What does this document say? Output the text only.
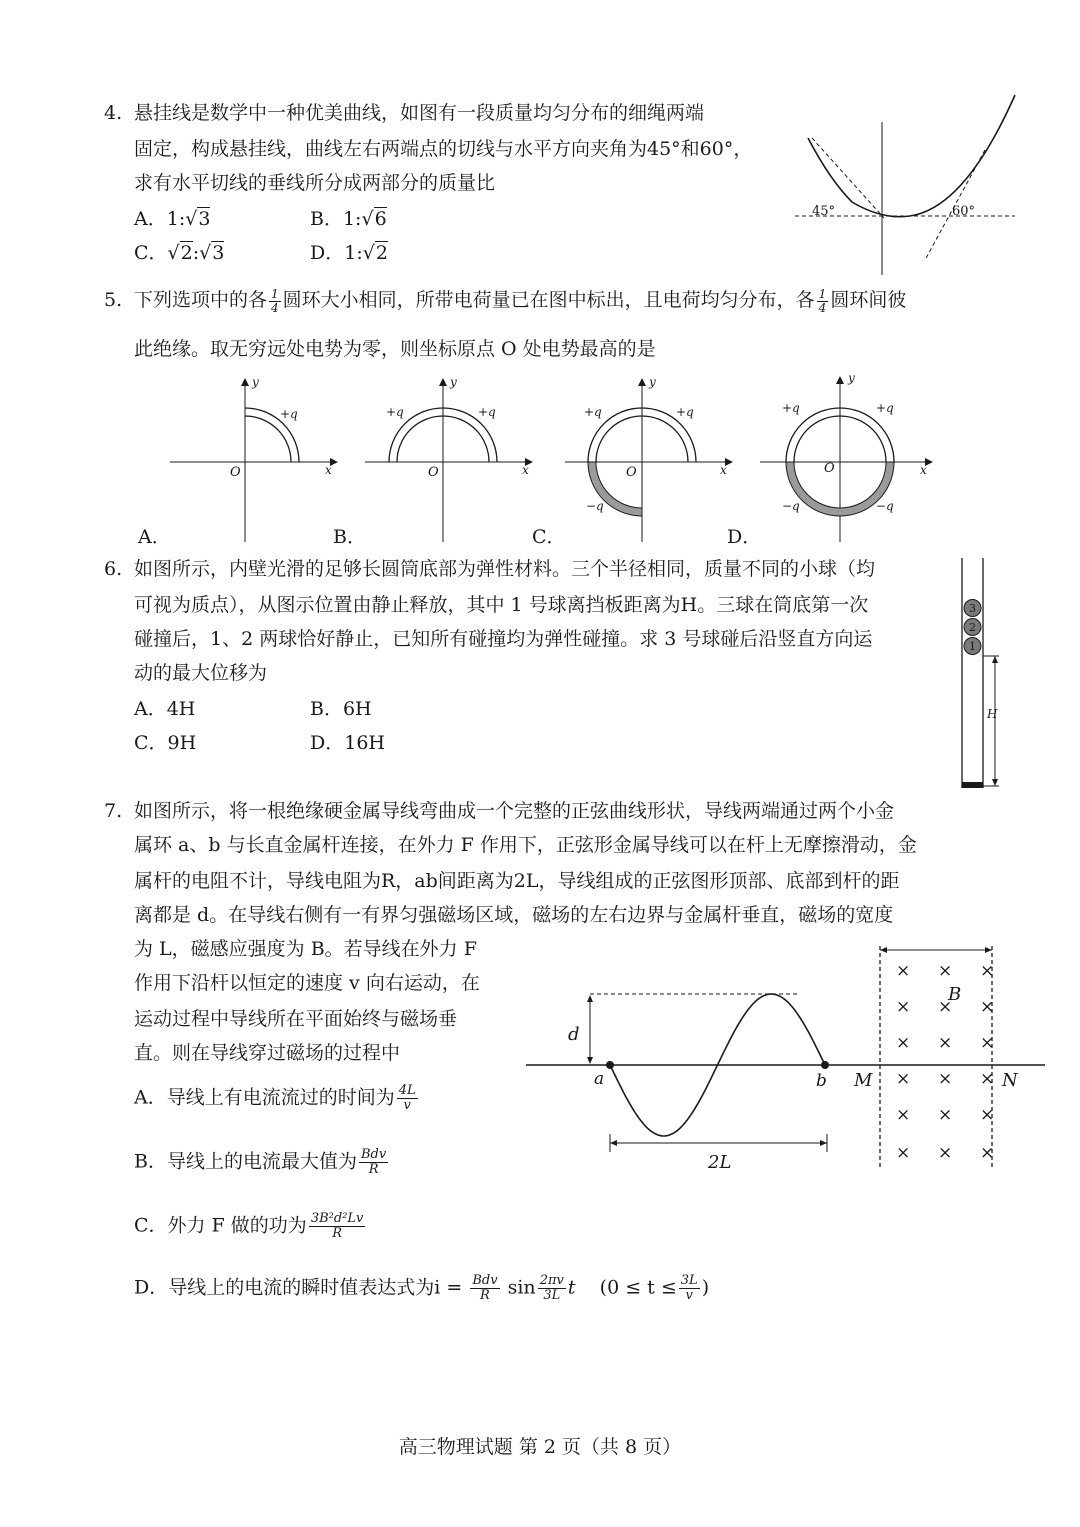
4. 悬挂线是数学中一种优美曲线，如图有一段质量均匀分布的细绳两端
固定，构成悬挂线，曲线左右两端点的切线与水平方向夹角为45°和60°，
求有水平切线的垂线所分成两部分的质量比
A．1:√3	B．1:√6
C．√2:√3	D．1:√2
45°	60°
5. 下列选项中的各 $\frac{1}{4}$ 圆环大小相同，所带电荷量已在图中标出，且电荷均匀分布，各 $\frac{1}{4}$ 圆环间彼
此绝缘。取无穷远处电势为零，则坐标原点 O 处电势最高的是
y
x
O
+q
y
x
O
+q	+q
y
x
O
+q	+q
−q
y
x
O
+q	+q
−q	−q
A．	B．	C．	D．
6. 如图所示，内壁光滑的足够长圆筒底部为弹性材料。三个半径相同，质量不同的小球（均
可视为质点），从图示位置由静止释放，其中 1 号球离挡板距离为H。三球在筒底第一次
碰撞后，1、2 两球恰好静止，已知所有碰撞均为弹性碰撞。求 3 号球碰后沿竖直方向运
动的最大位移为
A．4H	B．6H
C．9H	D．16H
3
2
1
H
7. 如图所示，将一根绝缘硬金属导线弯曲成一个完整的正弦曲线形状，导线两端通过两个小金
属环 a、b 与长直金属杆连接，在外力 F 作用下，正弦形金属导线可以在杆上无摩擦滑动，金
属杆的电阻不计，导线电阻为R，ab间距离为2L，导线组成的正弦图形顶部、底部到杆的距
离都是 d。在导线右侧有一有界匀强磁场区域，磁场的左右边界与金属杆垂直，磁场的宽度
为 L，磁感应强度为 B。若导线在外力 F
作用下沿杆以恒定的速度 v 向右运动，在
运动过程中导线所在平面始终与磁场垂
直。则在导线穿过磁场的过程中
A．导线上有电流流过的时间为 $\frac{4L}{v}$
B．导线上的电流最大值为 $\frac{\text{Bdv}}{R}$
C．外力 F 做的功为 $\frac{\text{3B²d²Lv}}{R}$
D．导线上的电流的瞬时值表达式为$i = \frac{\text{Bdv}}{R}$ $\sin \frac{2\pi v}{3L}$ t ($0 \le t \le \frac{3L}{v}$ )
d
a	b
2L
B
M	N
× × ×
× × ×
× × ×
× × ×
× × ×
× × ×
高三物理试题 第 2 页（共 8 页）
